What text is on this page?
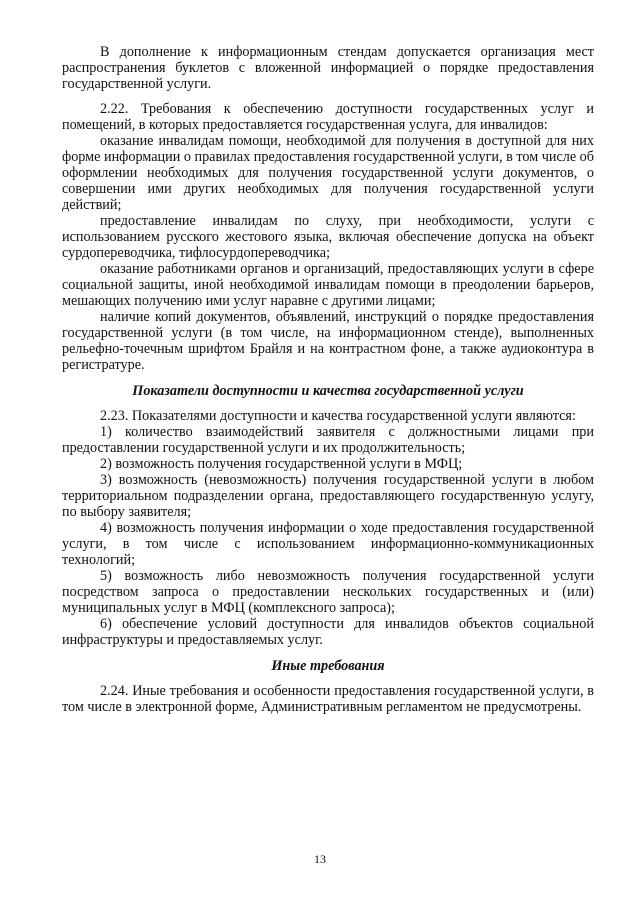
В дополнение к информационным стендам допускается организация мест распространения буклетов с вложенной информацией о порядке предоставления государственной услуги.

2.22. Требования к обеспечению доступности государственных услуг и помещений, в которых предоставляется государственная услуга, для инвалидов:

оказание инвалидам помощи, необходимой для получения в доступной для них форме информации о правилах предоставления государственной услуги, в том числе об оформлении необходимых для получения государственной услуги документов, о совершении ими других необходимых для получения государственной услуги действий;

предоставление инвалидам по слуху, при необходимости, услуги с использованием русского жестового языка, включая обеспечение допуска на объект сурдопереводчика, тифлосурдопереводчика;

оказание работниками органов и организаций, предоставляющих услуги в сфере социальной защиты, иной необходимой инвалидам помощи в преодолении барьеров, мешающих получению ими услуг наравне с другими лицами;

наличие копий документов, объявлений, инструкций о порядке предоставления государственной услуги (в том числе, на информационном стенде), выполненных рельефно-точечным шрифтом Брайля и на контрастном фоне, а также аудиоконтура в регистратуре.

Показатели доступности и качества государственной услуги

2.23. Показателями доступности и качества государственной услуги являются:

1) количество взаимодействий заявителя с должностными лицами при предоставлении государственной услуги и их продолжительность;

2) возможность получения государственной услуги в МФЦ;

3) возможность (невозможность) получения государственной услуги в любом территориальном подразделении органа, предоставляющего государственную услугу, по выбору заявителя;

4) возможность получения информации о ходе предоставления государственной услуги, в том числе с использованием информационно-коммуникационных технологий;

5) возможность либо невозможность получения государственной услуги посредством запроса о предоставлении нескольких государственных и (или) муниципальных услуг в МФЦ (комплексного запроса);

6) обеспечение условий доступности для инвалидов объектов социальной инфраструктуры и предоставляемых услуг.

Иные требования

2.24. Иные требования и особенности предоставления государственной услуги, в том числе в электронной форме, Административным регламентом не предусмотрены.

13
